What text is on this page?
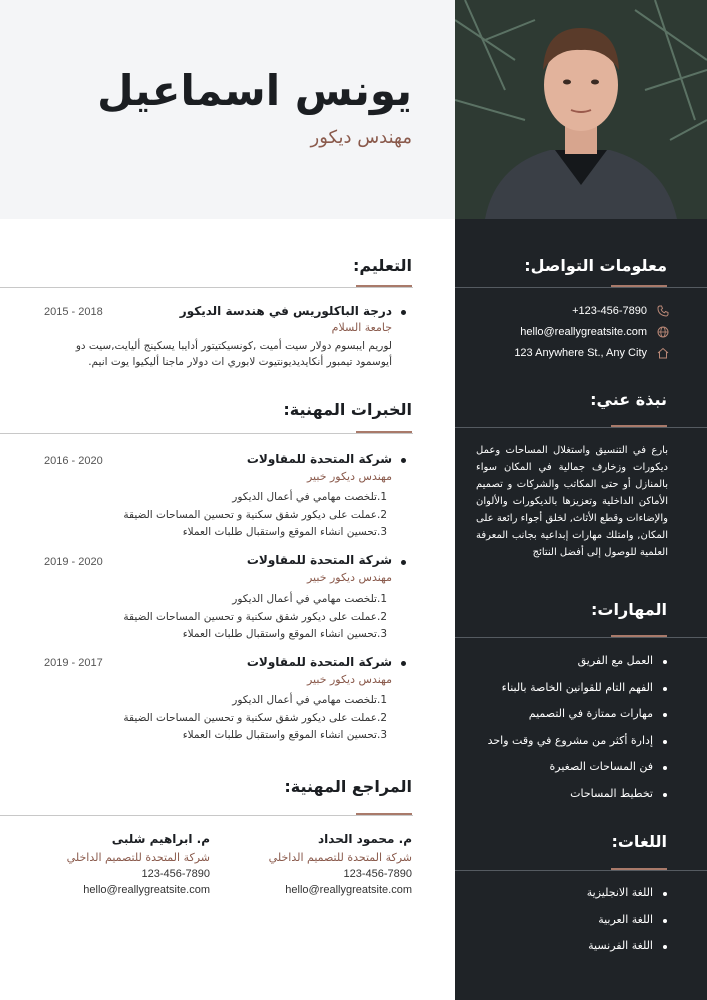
يونس اسماعيل
مهندس ديكور
معلومات التواصل:
+123-456-7890
hello@reallygreatsite.com
123 Anywhere St., Any City
نبذة عني:
بارع في التنسيق واستغلال المساحات وعمل ديكورات وزخارف جمالية في المكان سواء بالمنازل أو حتى المكاتب والشركات و تصميم الأماكن الداخلية وتعزيزها بالديكورات والألوان والإضاءات وقطع الأثاث, لخلق أجواء رائعة على المكان, وامتلك مهارات إبداعية بجانب المعرفة العلمية للوصول إلى أفضل النتائج
المهارات:
العمل مع الفريق
الفهم التام للقوانين الخاصة بالبناء
مهارات ممتازة في التصميم
إدارة أكثر من مشروع في وقت واحد
فن المساحات الصغيرة
تخطيط المساحات
اللغات:
اللغة الانجليزية
اللغة العربية
اللغة الفرنسية
التعليم:
درجة الباكلوريس في هندسة الديكور
2015 - 2018
جامعة السلام
لوريم ايبسوم دولار سيت أميت ,كونسيكتيتور أدايبا يسكينج أليايت,سيت دو أيوسمود تيمبور أنكايديديونتيوت لابوري ات دولار ماجنا أليكيوا يوت انيم.
الخبرات المهنية:
شركة المتحدة للمقاولات
2016 - 2020
مهندس ديكور خبير
1.تلخصت مهامي في أعمال الديكور
2.عملت على ديكور شقق سكنية و تحسين المساحات الضيقة
3.تحسين انشاء الموقع واستقبال طلبات العملاء
شركة المتحدة للمقاولات
2019 - 2020
مهندس ديكور خبير
1.تلخصت مهامي في أعمال الديكور
2.عملت على ديكور شقق سكنية و تحسين المساحات الضيقة
3.تحسين انشاء الموقع واستقبال طلبات العملاء
شركة المتحدة للمقاولات
2019 - 2017
مهندس ديكور خبير
1.تلخصت مهامي في أعمال الديكور
2.عملت على ديكور شقق سكنية و تحسين المساحات الضيقة
3.تحسين انشاء الموقع واستقبال طلبات العملاء
المراجع المهنية:
م. محمود الحداد
شركة المتحدة للتصميم الداخلي
123-456-7890
hello@reallygreatsite.com
م. ابراهيم شلبى
شركة المتحدة للتصميم الداخلي
123-456-7890
hello@reallygreatsite.com
